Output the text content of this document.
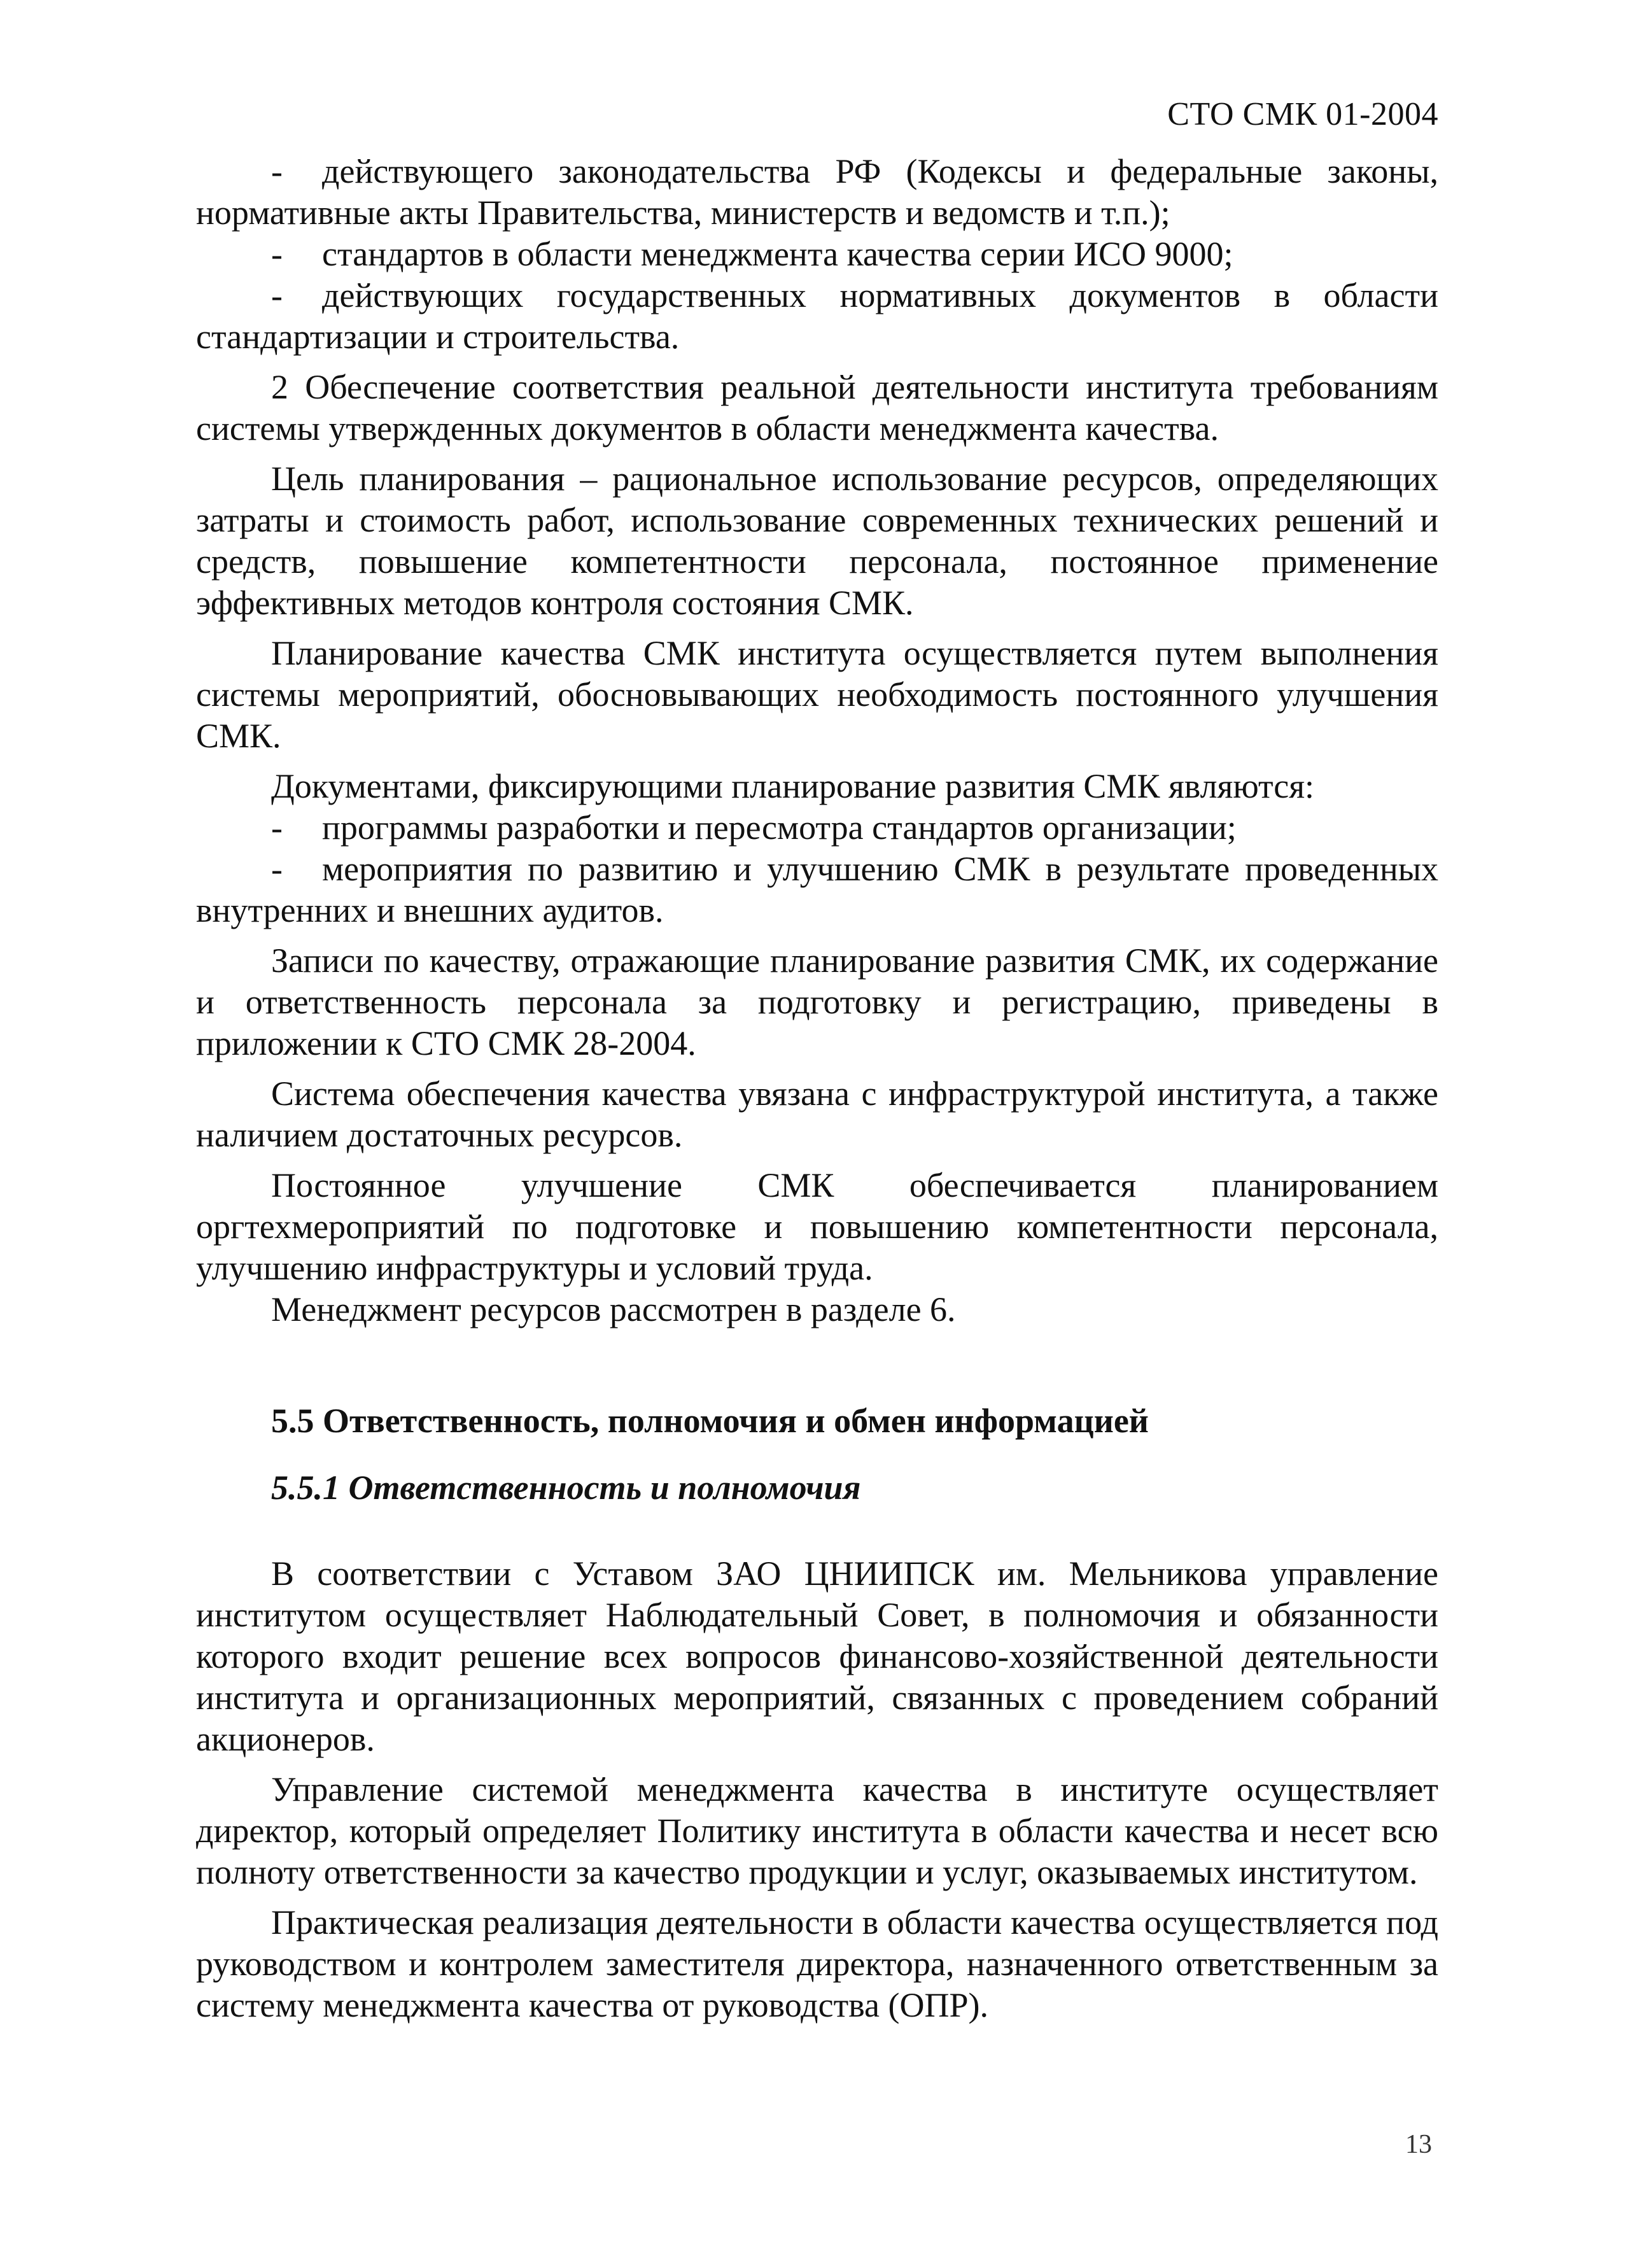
СТО СМК 01-2004

- действующего законодательства РФ (Кодексы и федеральные законы, нормативные акты Правительства, министерств и ведомств и т.п.);

- стандартов в области менеджмента качества серии ИСО 9000;

- действующих государственных нормативных документов в области стандартизации и строительства.

2 Обеспечение соответствия реальной деятельности института требованиям системы утвержденных документов в области менеджмента качества.

Цель планирования – рациональное использование ресурсов, определяющих затраты и стоимость работ, использование современных технических решений и средств, повышение компетентности персонала, постоянное применение эффективных методов контроля состояния СМК.

Планирование качества СМК института осуществляется путем выполнения системы мероприятий, обосновывающих необходимость постоянного улучшения СМК.

Документами, фиксирующими планирование развития СМК являются:

- программы разработки и пересмотра стандартов организации;

- мероприятия по развитию и улучшению СМК в результате проведенных внутренних и внешних аудитов.

Записи по качеству, отражающие планирование развития СМК, их содержание и ответственность персонала за подготовку и регистрацию, приведены в приложении к СТО СМК 28-2004.

Система обеспечения качества увязана с инфраструктурой института, а также наличием достаточных ресурсов.

Постоянное улучшение СМК обеспечивается планированием оргтехмероприятий по подготовке и повышению компетентности персонала, улучшению инфраструктуры и условий труда.

Менеджмент ресурсов рассмотрен в разделе 6.

5.5 Ответственность, полномочия и обмен информацией

5.5.1 Ответственность и полномочия

В соответствии с Уставом ЗАО ЦНИИПСК им. Мельникова управление институтом осуществляет Наблюдательный Совет, в полномочия и обязанности которого входит решение всех вопросов финансово-хозяйственной деятельности института и организационных мероприятий, связанных с проведением собраний акционеров.

Управление системой менеджмента качества в институте осуществляет директор, который определяет Политику института в области качества и несет всю полноту ответственности за качество продукции и услуг, оказываемых институтом.

Практическая реализация деятельности в области качества осуществляется под руководством и контролем заместителя директора, назначенного ответственным за систему менеджмента качества от руководства (ОПР).

13
